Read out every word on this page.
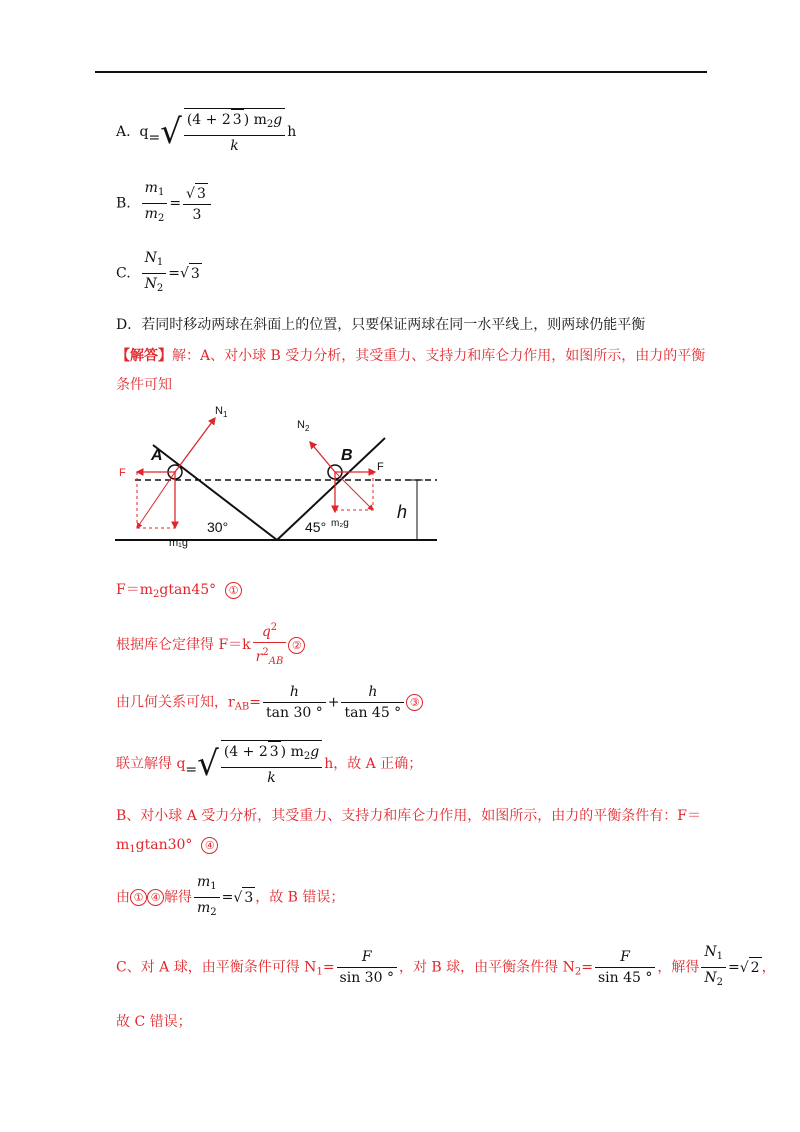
A. $q=√ \frac{(4 + 2 3 ) m_2g}{k}$ h
B. $\frac{m_1}{m_2} = \frac{√ 3}{3}$
C. $\frac{N_1}{N_2}$ =√ 3
D．若同时移动两球在斜面上的位置，只要保证两球在同一水平线上，则两球仍能平衡
【解答】解：A、对小球 B 受力分析，其受重力、支持力和库仑力作用，如图所示，由力的平衡
条件可知
A	B
$N_1$
$N_2$
F	F
30°	45°
m₁g
m₂g
h
$F=m_2gtan45^\circ$ ①
根据库仑定律得 $F=k \frac{q^2}{r^2_{AB}}$ ②
由几何关系可知，$r_{AB}= \frac{h}{\tan 30 ^\circ} + \frac{h}{\tan 45 ^\circ}$ ③
联立解得 $q=√ \frac{(4 + 2 3 ) m_2g}{k}$ h，故 A 正确；
B、对小球 A 受力分析，其受重力、支持力和库仑力作用，如图所示，由力的平衡条件有：F＝
$m_1gtan30^\circ$ ④
由 ① ④ 解得 $\frac{m_1}{m_2}$ =√ 3 ，故 B 错误；
C、对 A 球，由平衡条件可得 $N_1= \frac{F}{\sin 30 ^\circ}$ ，对 B 球，由平衡条件得 $N_2= \frac{F}{\sin 45 ^\circ}$ ，解得 $\frac{N_1}{N_2}$ =√ 2 ，
故 C 错误；
